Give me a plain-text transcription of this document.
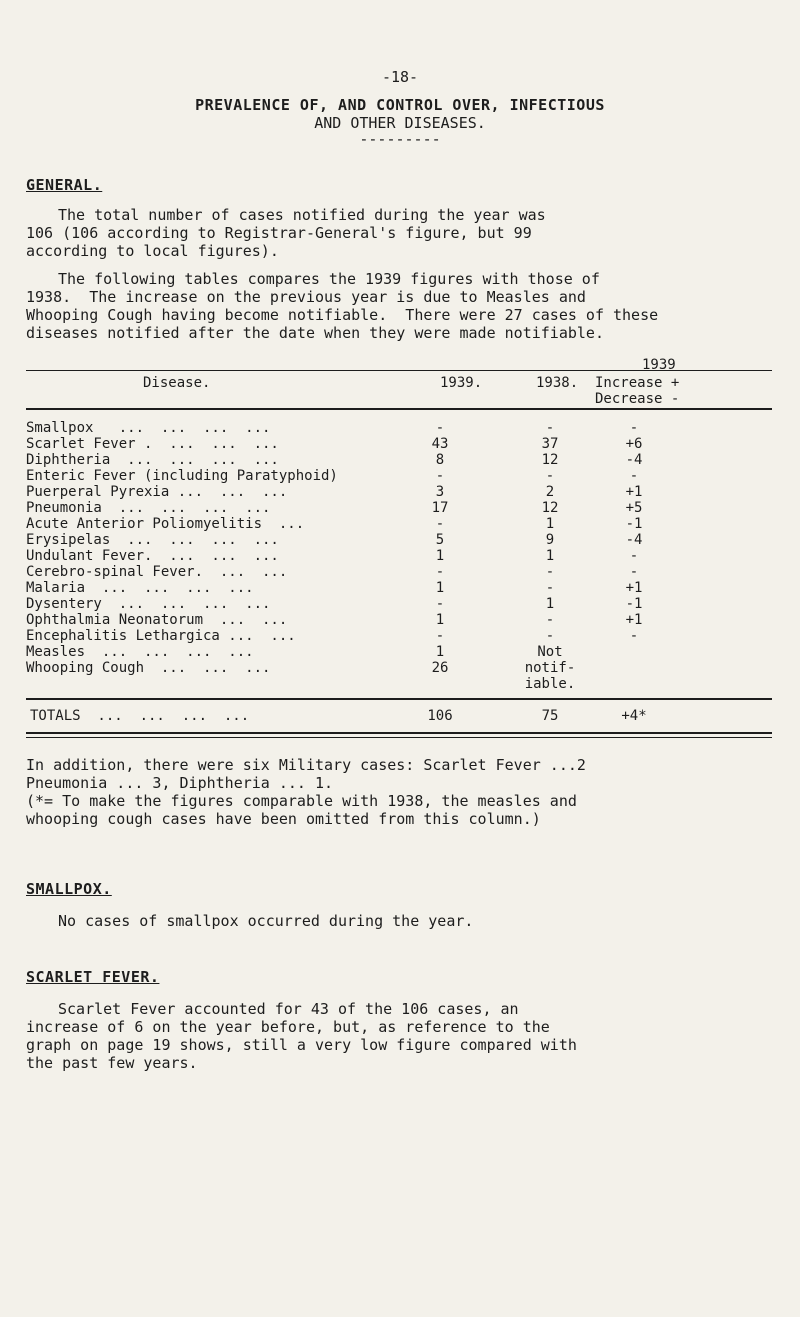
-18-
PREVALENCE OF, AND CONTROL OVER, INFECTIOUS
AND OTHER DISEASES.
---------
GENERAL.
The total number of cases notified during the year was
106 (106 according to Registrar-General's figure, but 99
according to local figures).
The following tables compares the 1939 figures with those of
1938.  The increase on the previous year is due to Measles and
Whooping Cough having become notifiable.  There were 27 cases of these
diseases notified after the date when they were made notifiable.
1939
Disease.	1939.	1938. Increase +
Decrease -
Smallpox   ...  ...  ...  ...	-	-	-
Scarlet Fever .  ...  ...  ...	43	37	+6
Diphtheria  ...  ...  ...  ...	8	12	-4
Enteric Fever (including Paratyphoid)	-	-	-
Puerperal Pyrexia ...  ...  ...	3	2	+1
Pneumonia  ...  ...  ...  ...	17	12	+5
Acute Anterior Poliomyelitis  ...	-	1	-1
Erysipelas  ...  ...  ...  ...	5	9	-4
Undulant Fever.  ...  ...  ...	1	1	-
Cerebro-spinal Fever.  ...  ...	-	-	-
Malaria  ...  ...  ...  ...	1	-	+1
Dysentery  ...  ...  ...  ...	-	1	-1
Ophthalmia Neonatorum  ...  ...	1	-	+1
Encephalitis Lethargica ...  ...	-	-	-
Measles  ...  ...  ...  ...	1	Not
Whooping Cough  ...  ...  ...	26	notif-
iable.
TOTALS  ...  ...  ...  ...	106	75	+4*
In addition, there were six Military cases: Scarlet Fever ...2
Pneumonia ... 3, Diphtheria ... 1.
(*= To make the figures comparable with 1938, the measles and
whooping cough cases have been omitted from this column.)
SMALLPOX.
No cases of smallpox occurred during the year.
SCARLET FEVER.
Scarlet Fever accounted for 43 of the 106 cases, an
increase of 6 on the year before, but, as reference to the
graph on page 19 shows, still a very low figure compared with
the past few years.
